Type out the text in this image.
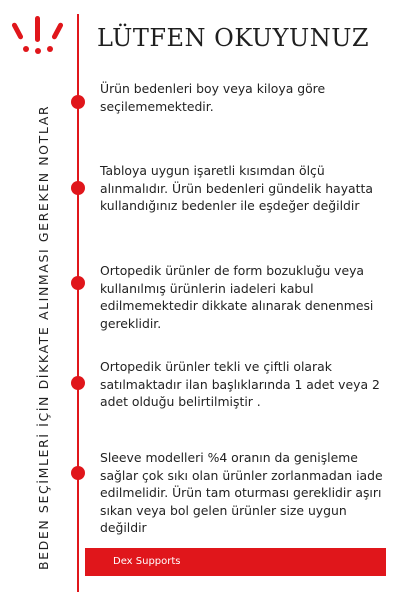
LÜTFEN OKUYUNUZ
BEDEN SEÇİMLERİ İÇİN DİKKATE ALINMASI GEREKEN NOTLAR

Ürün bedenleri boy veya kiloya göre seçilememektedir.

Tabloya uygun işaretli kısımdan ölçü alınmalıdır. Ürün bedenleri gündelik hayatta kullandığınız bedenler ile eşdeğer değildir

Ortopedik ürünler de form bozukluğu veya kullanılmış ürünlerin iadeleri kabul edilmemektedir dikkate alınarak denenmesi gereklidir.

Ortopedik ürünler tekli ve çiftli olarak satılmaktadır ilan başlıklarında 1 adet veya 2 adet olduğu belirtilmiştir .

Sleeve modelleri %4 oranın da genişleme sağlar çok sıkı olan ürünler zorlanmadan iade edilmelidir. Ürün tam oturması gereklidir aşırı sıkan veya bol gelen ürünler size uygun değildir

Dex Supports
